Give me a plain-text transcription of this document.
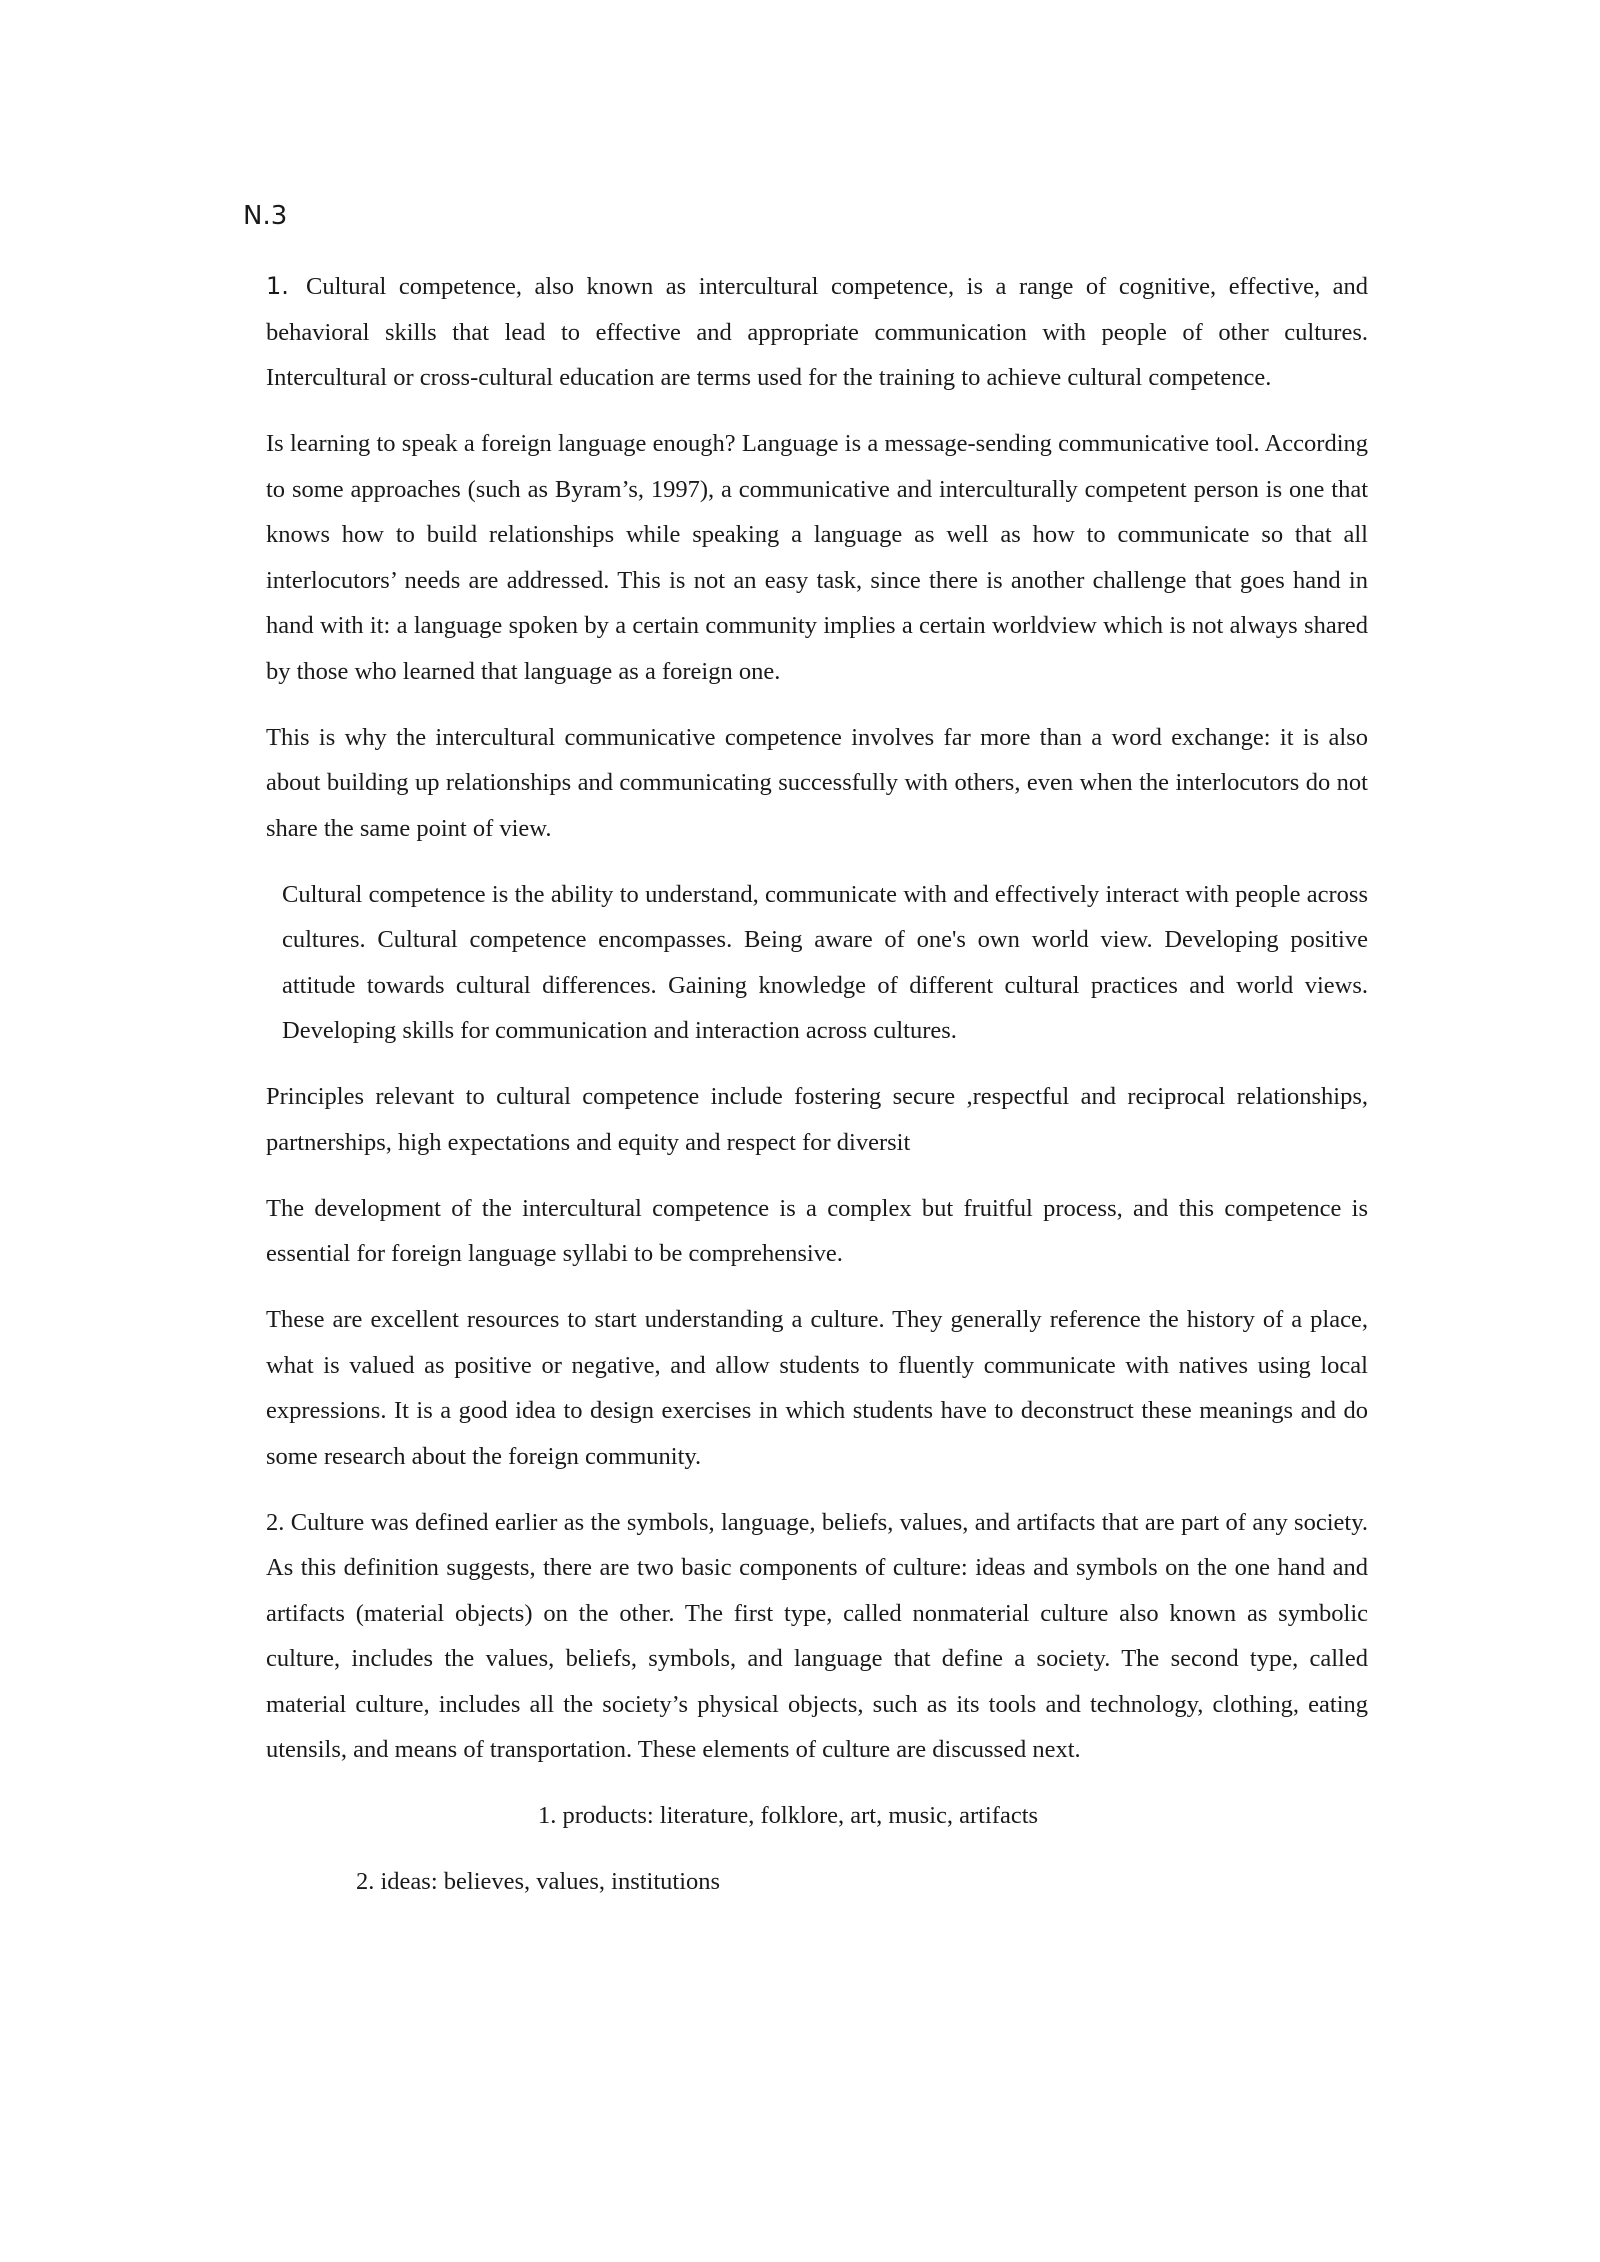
N.3

1. Cultural competence, also known as intercultural competence, is a range of cognitive, effective, and behavioral skills that lead to effective and appropriate communication with people of other cultures. Intercultural or cross-cultural education are terms used for the training to achieve cultural competence.

Is learning to speak a foreign language enough? Language is a message-sending communicative tool. According to some approaches (such as Byram’s, 1997), a communicative and interculturally competent person is one that knows how to build relationships while speaking a language as well as how to communicate so that all interlocutors’ needs are addressed. This is not an easy task, since there is another challenge that goes hand in hand with it: a language spoken by a certain community implies a certain worldview which is not always shared by those who learned that language as a foreign one.

This is why the intercultural communicative competence involves far more than a word exchange: it is also about building up relationships and communicating successfully with others, even when the interlocutors do not share the same point of view.

Cultural competence is the ability to understand, communicate with and effectively interact with people across cultures. Cultural competence encompasses. Being aware of one's own world view. Developing positive attitude towards cultural differences. Gaining knowledge of different cultural practices and world views. Developing skills for communication and interaction across cultures.

Principles relevant to cultural competence include fostering secure ,respectful and reciprocal relationships, partnerships, high expectations and equity and respect for diversit

The development of the intercultural competence is a complex but fruitful process, and this competence is essential for foreign language syllabi to be comprehensive.

These are excellent resources to start understanding a culture. They generally reference the history of a place, what is valued as positive or negative, and allow students to fluently communicate with natives using local expressions. It is a good idea to design exercises in which students have to deconstruct these meanings and do some research about the foreign community.

2. Culture was defined earlier as the symbols, language, beliefs, values, and artifacts that are part of any society. As this definition suggests, there are two basic components of culture: ideas and symbols on the one hand and artifacts (material objects) on the other. The first type, called nonmaterial culture also known as symbolic culture, includes the values, beliefs, symbols, and language that define a society. The second type, called material culture, includes all the society’s physical objects, such as its tools and technology, clothing, eating utensils, and means of transportation. These elements of culture are discussed next.

1. products: literature, folklore, art, music, artifacts

2. ideas: believes, values, institutions
